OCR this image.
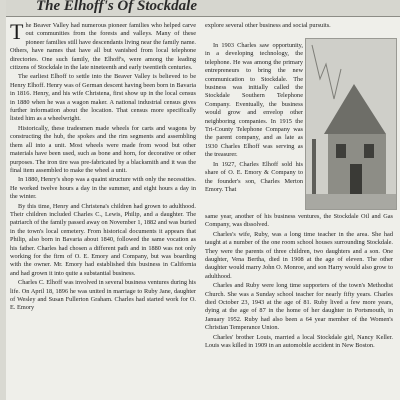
The Elhoff's Of Stockdale

The Beaver Valley had numerous pioneer families who helped carve out communities from the forests and valleys. Many of these pioneer families still have descendants living near the family name. Others, have names that have all but vanished from local telephone directories. One such family, the Elhoff's, were among the leading citizens of Stockdale in the late nineteenth and early twentieth centuries.

The earliest Elhoff to settle into the Beaver Valley is believed to be Henry Elhoff. Henry was of German descent having been born in Bavaria in 1816. Henry, and his wife Christena, first show up in the local census in 1880 when he was a wagon maker. A national industrial census gives further information about the location. That census more specifically listed him as a wheelwright.

Historically, these tradesmen made wheels for carts and wagons by constructing the hub, the spokes and the rim segments and assembling them all into a unit. Most wheels were made from wood but other materials have been used, such as bone and horn, for decorative or other purposes. The iron tire was pre-fabricated by a blacksmith and it was the final item assembled to make the wheel a unit.

In 1880, Henry's shop was a quaint structure with only the necessities. He worked twelve hours a day in the summer, and eight hours a day in the winter.

By this time, Henry and Christena's children had grown to adulthood. Their children included Charles C., Lewis, Philip, and a daughter. The patriarch of the family passed away on November 1, 1882 and was buried in the town's local cemetery. From historical documents it appears that Philip, also born in Bavaria about 1840, followed the same vocation as his father. Charles had chosen a different path and in 1880 was not only working for the firm of O. E. Emory and Company, but was boarding with the owner. Mr. Emory had established this business in California and had grown it into quite a substantial business.

Charles C. Elhoff was involved in several business ventures during his life. On April 18, 1896 he was united in marriage to Ruby Jane, daughter of Wesley and Susan Fullerton Graham. Charles had started work for O. E. Emory

explore several other business and social pursuits.

In 1903 Charles saw opportunity, in a developing technology, the telephone. He was among the primary entrepreneurs to bring the new communication to Stockdale. The business was initially called the Stockdale Southern Telephone Company. Eventually, the business would grow and envelop other neighboring companies. In 1915 the Tri-County Telephone Company was the parent company, and as late as 1930 Charles Elhoff was serving as the treasurer.

In 1927, Charles Elhoff sold his share of O. E. Emory & Company to the founder's son, Charles Merton Emory. That

same year, another of his business ventures, the Stockdale Oil and Gas Company, was dissolved.

Charles's wife, Ruby, was a long time teacher in the area. She had taught at a number of the one room school houses surrounding Stockdale. They were the parents of three children, two daughters and a son. One daughter, Vena Bertha, died in 1908 at the age of eleven. The other daughter would marry John O. Monroe, and son Harry would also grow to adulthood.

Charles and Ruby were long time supporters of the town's Methodist Church. She was a Sunday school teacher for nearly fifty years. Charles died October 23, 1943 at the age of 81. Ruby lived a few more years, dying at the age of 87 in the home of her daughter in Portsmouth, in January 1952. Ruby had also been a 64 year member of the Women's Christian Temperance Union.

Charles' brother Louis, married a local Stockdale girl, Nancy Keller. Louis was killed in 1909 in an automobile accident in New Boston.
